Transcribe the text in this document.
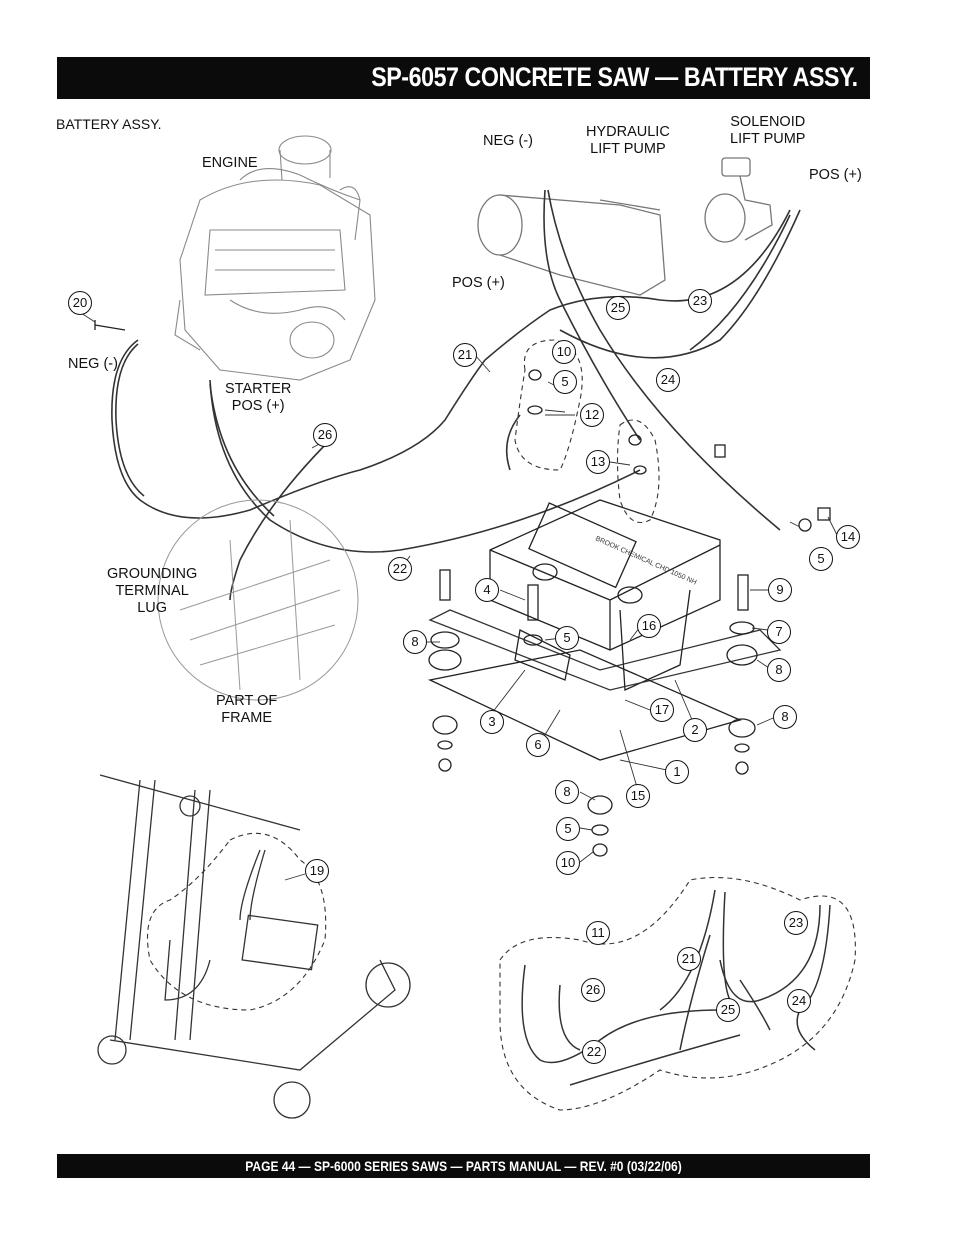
SP-6057 CONCRETE SAW — BATTERY ASSY.
BATTERY ASSY.
BROOK CHEMICAL CHD 1050 NH
ENGINE
NEG (-)
HYDRAULIC
LIFT PUMP
SOLENOID
LIFT PUMP
POS (+)
POS (+)
NEG (-)
STARTER
POS (+)
GROUNDING
TERMINAL
LUG
PART OF
FRAME
20
10
5
12
21
25	23
24
26
13
14
5
22
4	9
8	5	7
16
8
3
17
2
8
6
1
8	15
5
10
19
11
21
23
26
24
25
22
PAGE 44 — SP-6000 SERIES SAWS — PARTS MANUAL — REV. #0 (03/22/06)
